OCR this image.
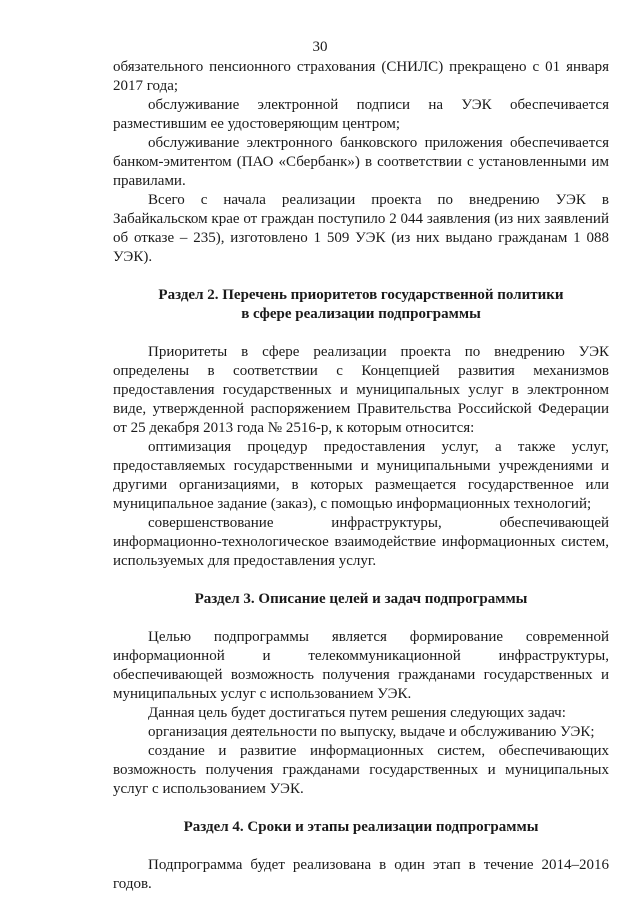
30

обязательного пенсионного страхования (СНИЛС) прекращено с 01 января 2017 года;

обслуживание электронной подписи на УЭК обеспечивается разместившим ее удостоверяющим центром;

обслуживание электронного банковского приложения обеспечивается банком-эмитентом (ПАО «Сбербанк») в соответствии с установленными им правилами.

Всего с начала реализации проекта по внедрению УЭК в Забайкальском крае от граждан поступило 2 044 заявления (из них заявлений об отказе – 235), изготовлено 1 509 УЭК (из них выдано гражданам 1 088 УЭК).

Раздел 2. Перечень приоритетов государственной политики
в сфере реализации подпрограммы

Приоритеты в сфере реализации проекта по внедрению УЭК определены в соответствии с Концепцией развития механизмов предоставления государственных и муниципальных услуг в электронном виде, утвержденной распоряжением Правительства Российской Федерации от 25 декабря 2013 года № 2516-р, к которым относится:

оптимизация процедур предоставления услуг, а также услуг, предоставляемых государственными и муниципальными учреждениями и другими организациями, в которых размещается государственное или муниципальное задание (заказ), с помощью информационных технологий;

совершенствование инфраструктуры, обеспечивающей информационно-технологическое взаимодействие информационных систем, используемых для предоставления услуг.

Раздел 3. Описание целей и задач подпрограммы

Целью подпрограммы является формирование современной информационной и телекоммуникационной инфраструктуры, обеспечивающей возможность получения гражданами государственных и муниципальных услуг с использованием УЭК.

Данная цель будет достигаться путем решения следующих задач:

организация деятельности по выпуску, выдаче и обслуживанию УЭК;

создание и развитие информационных систем, обеспечивающих возможность получения гражданами государственных и муниципальных услуг с использованием УЭК.

Раздел 4. Сроки и этапы реализации подпрограммы

Подпрограмма будет реализована в один этап в течение 2014–2016 годов.
